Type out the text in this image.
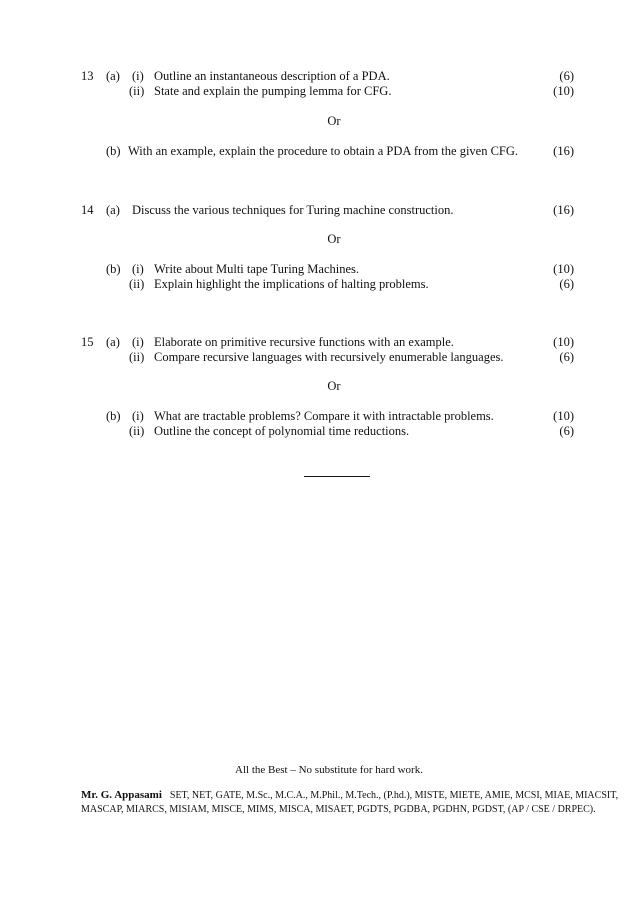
13 (a) (i) Outline an instantaneous description of a PDA.	(6)
(ii) State and explain the pumping lemma for CFG.	(10)
Or
(b) With an example, explain the procedure to obtain a PDA from the given CFG.	(16)
14 (a) Discuss the various techniques for Turing machine construction.	(16)
Or
(b) (i) Write about Multi tape Turing Machines.	(10)
(ii) Explain highlight the implications of halting problems.	(6)
15 (a) (i) Elaborate on primitive recursive functions with an example.	(10)
(ii) Compare recursive languages with recursively enumerable languages.	(6)
Or
(b) (i) What are tractable problems? Compare it with intractable problems.	(10)
(ii) Outline the concept of polynomial time reductions.	(6)
All the Best – No substitute for hard work.
Mr. G. Appasami SET, NET, GATE, M.Sc., M.C.A., M.Phil., M.Tech., (P.hd.), MISTE, MIETE, AMIE, MCSI, MIAE, MIACSIT,
MASCAP, MIARCS, MISIAM, MISCE, MIMS, MISCA, MISAET, PGDTS, PGDBA, PGDHN, PGDST, (AP / CSE / DRPEC).
